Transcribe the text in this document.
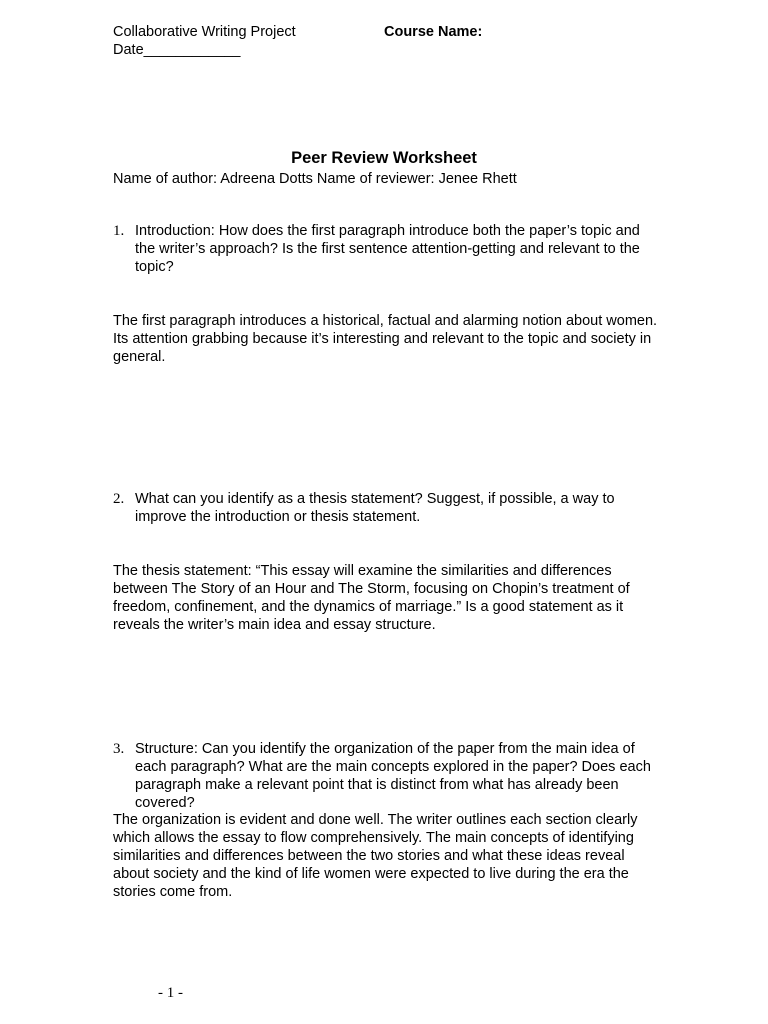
Collaborative Writing Project	Course Name:
Date____________
Peer Review Worksheet
Name of author: Adreena Dotts Name of reviewer: Jenee Rhett
1. Introduction: How does the first paragraph introduce both the paper’s topic and the writer’s approach? Is the first sentence attention-getting and relevant to the topic?
The first paragraph introduces a historical, factual and alarming notion about women. Its attention grabbing because it’s interesting and relevant to the topic and society in general.
2. What can you identify as a thesis statement? Suggest, if possible, a way to improve the introduction or thesis statement.
The thesis statement: “This essay will examine the similarities and differences between The Story of an Hour and The Storm, focusing on Chopin’s treatment of freedom, confinement, and the dynamics of marriage.” Is a good statement as it reveals the writer’s main idea and essay structure.
3. Structure: Can you identify the organization of the paper from the main idea of each paragraph? What are the main concepts explored in the paper? Does each paragraph make a relevant point that is distinct from what has already been covered?
The organization is evident and done well. The writer outlines each section clearly which allows the essay to flow comprehensively. The main concepts of identifying similarities and differences between the two stories and what these ideas reveal about society and the kind of life women were expected to live during the era the stories come from.
- 1 -
